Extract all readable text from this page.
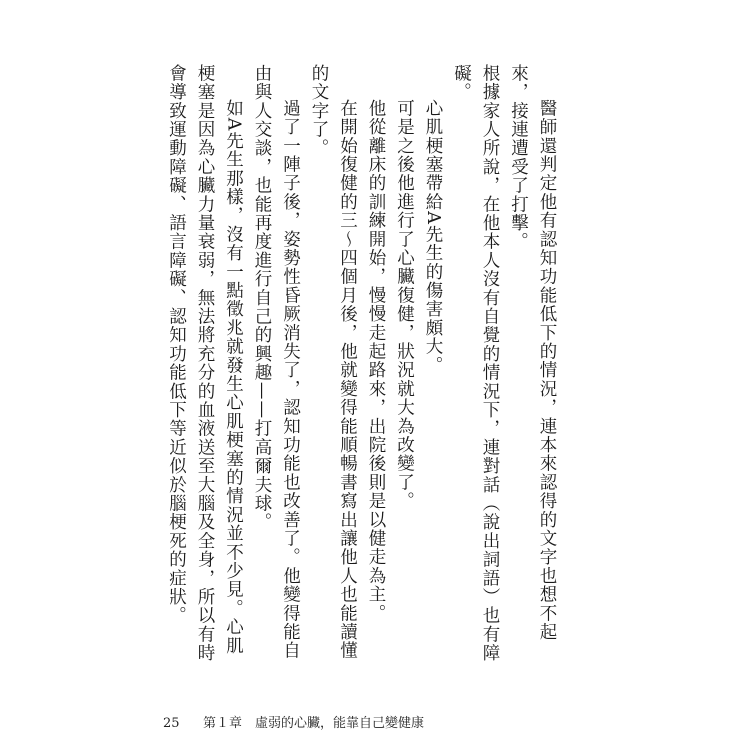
醫師還判定他有認知功能低下的情況，連本來認得的文字也想不起來，接連遭受了打擊。

根據家人所說，在他本人沒有自覺的情況下，連對話（說出詞語）也有障礙。

心肌梗塞帶給A先生的傷害頗大。

可是之後他進行了心臟復健，狀況就大為改變了。

他從離床的訓練開始，慢慢走起路來，出院後則是以健走為主。

在開始復健的三～四個月後，他就變得能順暢書寫出讓他人也能讀懂的文字了。

過了一陣子後，姿勢性昏厥消失了，認知功能也改善了。他變得能自由與人交談，也能再度進行自己的興趣——打高爾夫球。

如A先生那樣，沒有一點徵兆就發生心肌梗塞的情況並不少見。心肌梗塞是因為心臟力量衰弱，無法將充分的血液送至大腦及全身，所以有時會導致運動障礙、語言障礙、認知功能低下等近似於腦梗死的症狀。

25 第１章　虛弱的心臟，能靠自己變健康
